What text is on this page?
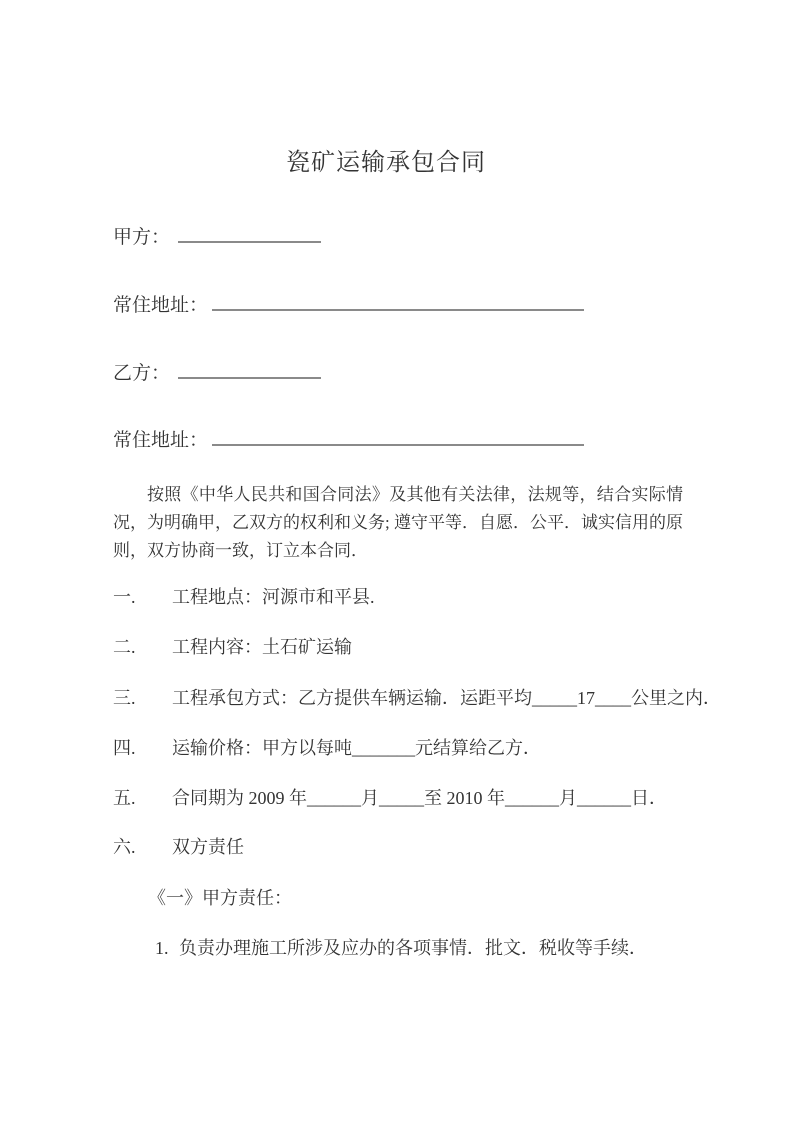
瓷矿运输承包合同
甲方：
常住地址：
乙方：
常住地址：
按照《中华人民共和国合同法》及其他有关法律，法规等，结合实际情况，为明确甲，乙双方的权利和义务; 遵守平等．自愿．公平．诚实信用的原则，双方协商一致，订立本合同．
一. 工程地点：河源市和平县.
二. 工程内容：土石矿运输
三. 工程承包方式：乙方提供车辆运输．运距平均_____17____公里之内．
四. 运输价格：甲方以每吨_______元结算给乙方．
五. 合同期为 2009 年______月_____至 2010 年______月______日．
六. 双方责任
《一》甲方责任：
1. 负责办理施工所涉及应办的各项事情．批文．税收等手续．
